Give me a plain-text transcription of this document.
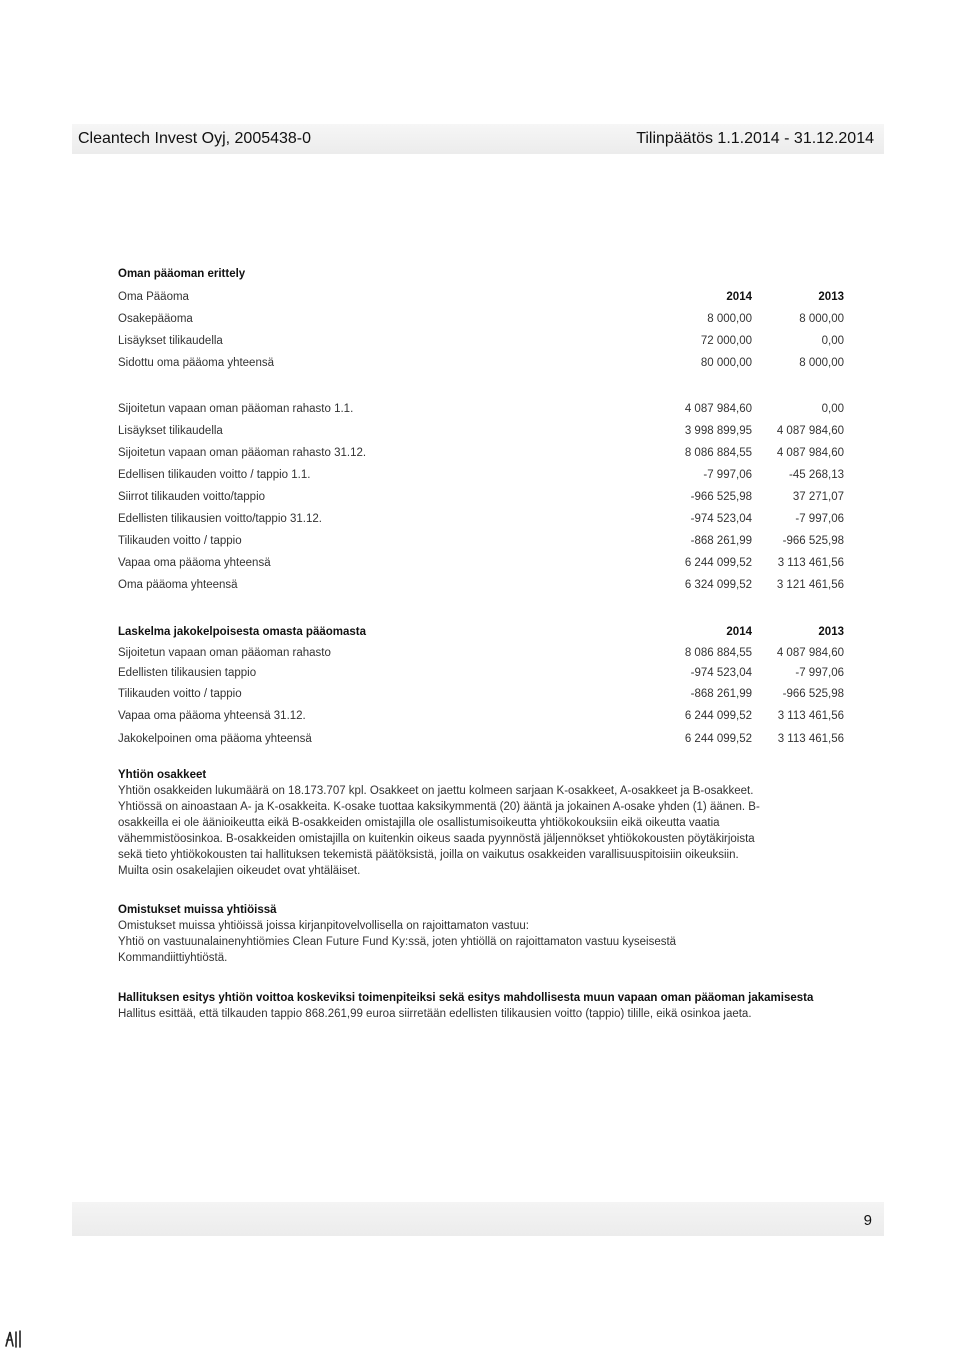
Cleantech Invest Oyj, 2005438-0	Tilinpäätös 1.1.2014 - 31.12.2014
Oman pääoman erittely
Oma Pääoma	2014	2013
Osakepääoma	8 000,00	8 000,00
Lisäykset tilikaudella	72 000,00	0,00
Sidottu oma pääoma yhteensä	80 000,00	8 000,00
Sijoitetun vapaan oman pääoman rahasto 1.1.	4 087 984,60	0,00
Lisäykset tilikaudella	3 998 899,95	4 087 984,60
Sijoitetun vapaan oman pääoman rahasto 31.12.	8 086 884,55	4 087 984,60
Edellisen tilikauden voitto / tappio 1.1.	-7 997,06	-45 268,13
Siirrot tilikauden voitto/tappio	-966 525,98	37 271,07
Edellisten tilikausien voitto/tappio 31.12.	-974 523,04	-7 997,06
Tilikauden voitto / tappio	-868 261,99	-966 525,98
Vapaa oma pääoma yhteensä	6 244 099,52	3 113 461,56
Oma pääoma yhteensä	6 324 099,52	3 121 461,56
Laskelma jakokelpoisesta omasta pääomasta	2014	2013
Sijoitetun vapaan oman pääoman rahasto	8 086 884,55	4 087 984,60
Edellisten tilikausien tappio	-974 523,04	-7 997,06
Tilikauden voitto / tappio	-868 261,99	-966 525,98
Vapaa oma pääoma yhteensä 31.12.	6 244 099,52	3 113 461,56
Jakokelpoinen oma pääoma yhteensä	6 244 099,52	3 113 461,56
Yhtiön osakkeet
Yhtiön osakkeiden lukumäärä on 18.173.707 kpl. Osakkeet on jaettu kolmeen sarjaan K-osakkeet, A-osakkeet ja B-osakkeet.
Yhtiössä on ainoastaan A- ja K-osakkeita. K-osake tuottaa kaksikymmentä (20) ääntä ja jokainen A-osake yhden (1) äänen. B-
osakkeilla ei ole äänioikeutta eikä B-osakkeiden omistajilla ole osallistumisoikeutta yhtiökokouksiin eikä oikeutta vaatia
vähemmistöosinkoa. B-osakkeiden omistajilla on kuitenkin oikeus saada pyynnöstä jäljennökset yhtiökokousten pöytäkirjoista
sekä tieto yhtiökokousten tai hallituksen tekemistä päätöksistä, joilla on vaikutus osakkeiden varallisuuspitoisiin oikeuksiin.
Muilta osin osakelajien oikeudet ovat yhtäläiset.
Omistukset muissa yhtiöissä
Omistukset muissa yhtiöissä joissa kirjanpitovelvollisella on rajoittamaton vastuu:
Yhtiö on vastuunalainenyhtiömies Clean Future Fund Ky:ssä, joten yhtiöllä on rajoittamaton vastuu kyseisestä
Kommandiittiyhtiöstä.
Hallituksen esitys yhtiön voittoa koskeviksi toimenpiteiksi sekä esitys mahdollisesta muun vapaan oman pääoman jakamisesta
Hallitus esittää, että tilkauden tappio 868.261,99 euroa siirretään edellisten tilikausien voitto (tappio) tilille, eikä osinkoa jaeta.
9
